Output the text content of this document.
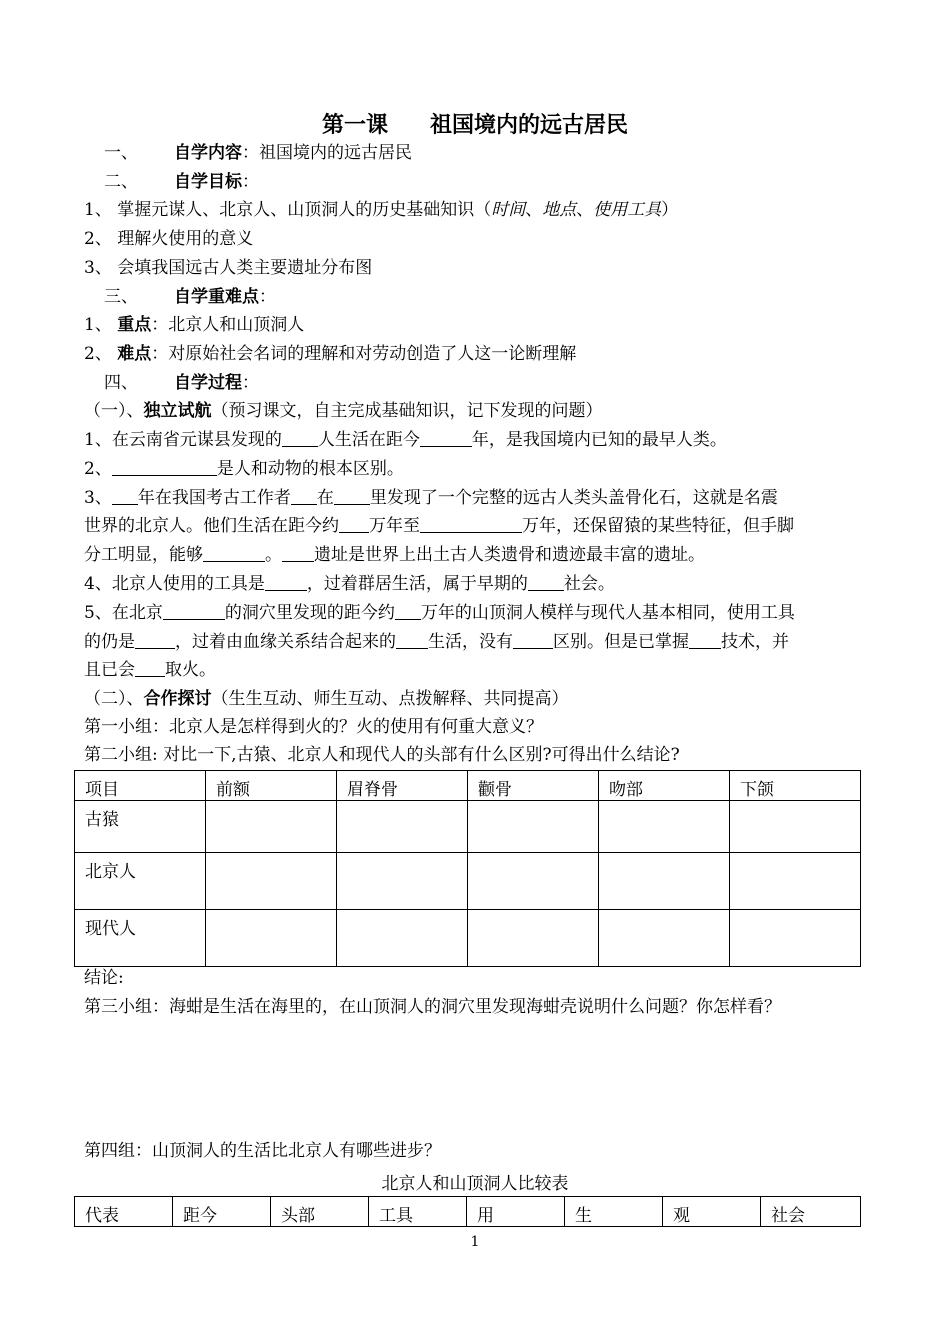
第一课 祖国境内的远古居民
一、 自学内容：祖国境内的远古居民
二、 自学目标：
1、 掌握元谋人、北京人、山顶洞人的历史基础知识（时间、地点、使用工具）
2、 理解火使用的意义
3、 会填我国远古人类主要遗址分布图
三、 自学重难点：
1、 重点：北京人和山顶洞人
2、 难点：对原始社会名词的理解和对劳动创造了人这一论断理解
四、 自学过程：
（一）、独立试航（预习课文，自主完成基础知识，记下发现的问题）
1、在云南省元谋县发现的 人生活在距今	年，是我国境内已知的最早人类。
2、	是人和动物的根本区别。
3、 年在我国考古工作者 在 里发现了一个完整的远古人类头盖骨化石，这就是名震
世界的北京人。他们生活在距今约 万年至	万年，还保留猿的某些特征，但手脚
分工明显，能够	。 遗址是世界上出土古人类遗骨和遗迹最丰富的遗址。
4、北京人使用的工具是 ，过着群居生活，属于早期的 社会。
5、在北京	的洞穴里发现的距今约 万年的山顶洞人模样与现代人基本相同，使用工具
的仍是 ，过着由血缘关系结合起来的 生活，没有 区别。但是已掌握 技术，并
且已会 取火。
（二）、合作探讨（生生互动、师生互动、点拨解释、共同提高）
第一小组：北京人是怎样得到火的？火的使用有何重大意义？
第二小组: 对比一下,古猿、北京人和现代人的头部有什么区别?可得出什么结论?
项目	前额	眉脊骨	颧骨	吻部	下颌
古猿					
北京人					
现代人					
结论:
第三小组：海蚶是生活在海里的，在山顶洞人的洞穴里发现海蚶壳说明什么问题？你怎样看？
第四组：山顶洞人的生活比北京人有哪些进步？
北京人和山顶洞人比较表
代表	距今	头部	工具	用	生	观	社会
1
